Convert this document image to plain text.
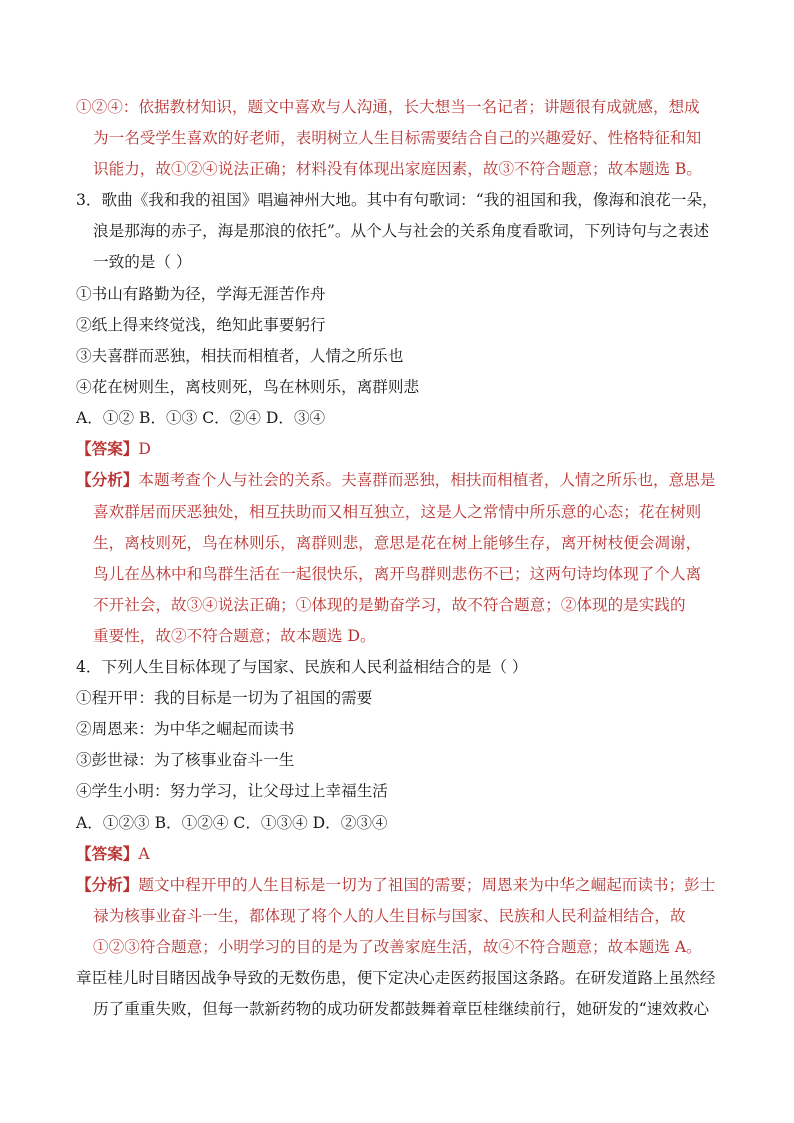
①②④：依据教材知识，题文中喜欢与人沟通，长大想当一名记者；讲题很有成就感，想成
为一名受学生喜欢的好老师，表明树立人生目标需要结合自己的兴趣爱好、性格特征和知
识能力，故①②④说法正确；材料没有体现出家庭因素，故③不符合题意；故本题选 B。
3．歌曲《我和我的祖国》唱遍神州大地。其中有句歌词：“我的祖国和我，像海和浪花一朵，
浪是那海的赤子，海是那浪的依托”。从个人与社会的关系角度看歌词，下列诗句与之表述
一致的是（ ）
①书山有路勤为径，学海无涯苦作舟
②纸上得来终觉浅，绝知此事要躬行
③夫喜群而恶独，相扶而相植者，人情之所乐也
④花在树则生，离枝则死，鸟在林则乐，离群则悲
A．①② B．①③ C．②④ D．③④
【答案】D
【分析】本题考查个人与社会的关系。夫喜群而恶独，相扶而相植者，人情之所乐也，意思是
喜欢群居而厌恶独处，相互扶助而又相互独立，这是人之常情中所乐意的心态；花在树则
生，离枝则死，鸟在林则乐，离群则悲，意思是花在树上能够生存，离开树枝便会凋谢，
鸟儿在丛林中和鸟群生活在一起很快乐，离开鸟群则悲伤不已；这两句诗均体现了个人离
不开社会，故③④说法正确；①体现的是勤奋学习，故不符合题意；②体现的是实践的
重要性，故②不符合题意；故本题选 D。
4．下列人生目标体现了与国家、民族和人民利益相结合的是（ ）
①程开甲：我的目标是一切为了祖国的需要
②周恩来：为中华之崛起而读书
③彭世禄：为了核事业奋斗一生
④学生小明：努力学习，让父母过上幸福生活
A．①②③ B．①②④ C．①③④ D．②③④
【答案】A
【分析】题文中程开甲的人生目标是一切为了祖国的需要；周恩来为中华之崛起而读书；彭士
禄为核事业奋斗一生，都体现了将个人的人生目标与国家、民族和人民利益相结合，故
①②③符合题意；小明学习的目的是为了改善家庭生活，故④不符合题意；故本题选 A。
章臣桂儿时目睹因战争导致的无数伤患，便下定决心走医药报国这条路。在研发道路上虽然经
历了重重失败，但每一款新药物的成功研发都鼓舞着章臣桂继续前行，她研发的“速效救心
